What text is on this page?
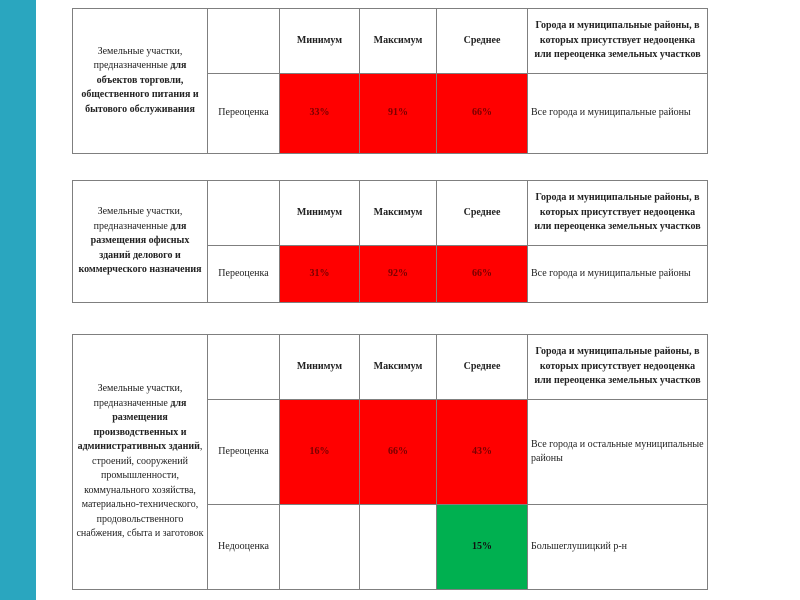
Земельные участки, предназначенные для объектов торговли, общественного питания и бытового обслуживания		Минимум	Максимум	Среднее	Города и муниципальные районы, в которых присутствует недооценка или переоценка земельных участков
	Переоценка	33%	91%	66%	Все города и муниципальные районы
Земельные участки, предназначенные для размещения офисных зданий делового и коммерческого назначения		Минимум	Максимум	Среднее	Города и муниципальные районы, в которых присутствует недооценка или переоценка земельных участков
	Переоценка	31%	92%	66%	Все города и муниципальные районы
Земельные участки, предназначенные для размещения производственных и административных зданий, строений, сооружений промышленности, коммунального хозяйства, материально-технического, продовольственного снабжения, сбыта и заготовок		Минимум	Максимум	Среднее	Города и муниципальные районы, в которых присутствует недооценка или переоценка земельных участков
	Переоценка	16%	66%	43%	Все города и остальные муниципальные районы
	Недооценка			15%	Большеглушицкий р-н
